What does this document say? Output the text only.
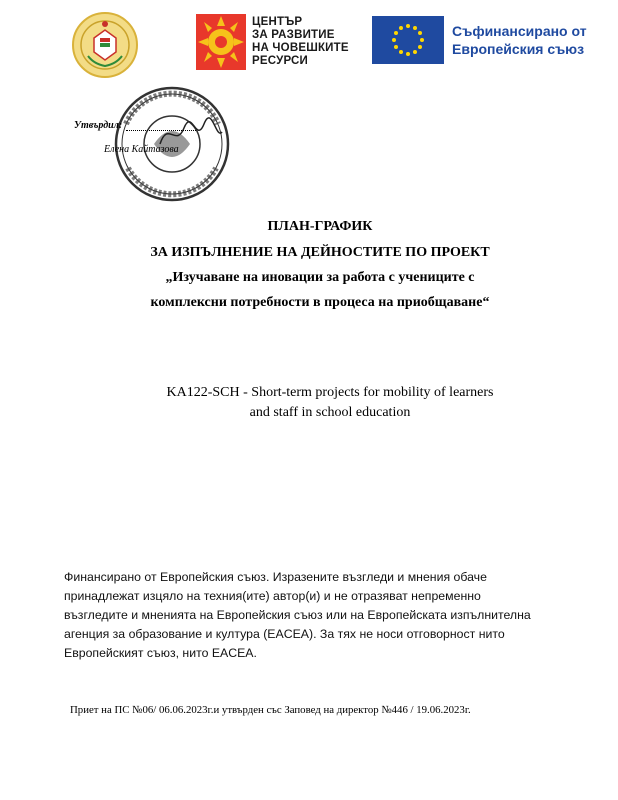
ЦЕНТЪР
ЗА РАЗВИТИЕ
НА ЧОВЕШКИТЕ
РЕСУРСИ
Съфинансирано от
Европейския съюз
Утвърдил:
Елена Кайтазова
ПЛАН-ГРАФИК
ЗА ИЗПЪЛНЕНИЕ НА ДЕЙНОСТИТЕ ПО ПРОЕКТ
„Изучаване на иновации за работа с учениците с
комплексни потребности в процеса на приобщаване“
KA122-SCH - Short-term projects for mobility of learners
and staff in school education
Финансирано от Европейския съюз. Изразените възгледи и мнения обаче принадлежат изцяло на техния(ите) автор(и) и не отразяват непременно възгледите и мненията на Европейския съюз или на Европейската изпълнителна агенция за образование и култура (EACEA). За тях не носи отговорност нито Европейският съюз, нито EACEA.
Приет на ПС №06/ 06.06.2023г.и утвърден със Заповед на директор №446 / 19.06.2023г.
